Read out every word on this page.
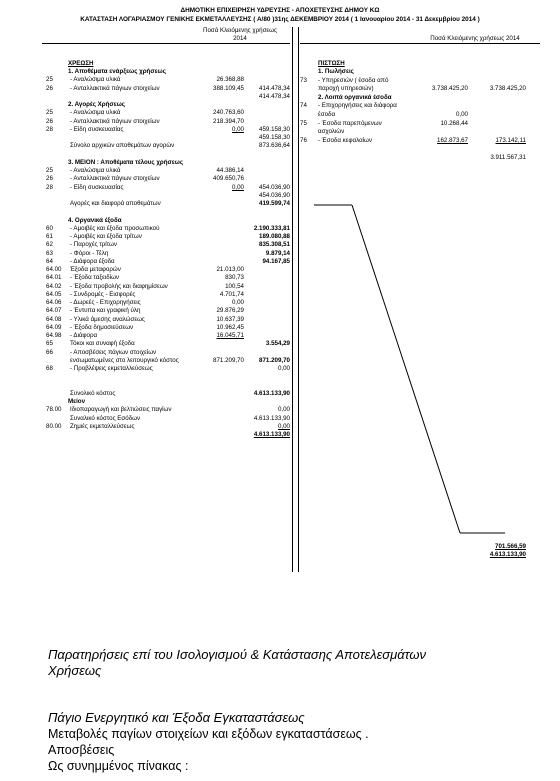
ΔΗΜΟΤΙΚΗ ΕΠΙΧΕΙΡΗΣΗ ΥΔΡΕΥΣΗΣ - ΑΠΟΧΕΤΕΥΣΗΣ ΔΗΜΟΥ ΚΩ
ΚΑΤΑΣΤΑΣΗ ΛΟΓΑΡΙΑΣΜΟΥ ΓΕΝΙΚΗΣ ΕΚΜΕΤΑΛΛΕΥΣΗΣ ( Α/80 )31ης ΔΕΚΕΜΒΡΙΟΥ 2014 ( 1 Ιανουαρίου 2014 - 31 Δεκεμβρίου 2014 )
Ποσά Κλειόμενης χρήσεως
2014	Ποσά Κλειόμενης χρήσεως 2014
ΧΡΕΩΣΗ	ΠΙΣΤΩΣΗ
1. Αποθέματα ενάρξεως χρήσεως
25	- Αναλώσιμα υλικά	26.368,88
26	- Ανταλλακτικά πάγιων στοιχείων	388.109,45 414.478,34
414.478,34
2. Αγορές Χρήσεως
25	- Αναλώσιμα υλικά	240.763,60
26	- Ανταλλακτικά πάγιων στοιχείων	218.394,70
28	- Είδη συσκευασίας	0,00 459.158,30
459.158,30
Σύνολο αρχικών αποθεμάτων αγορών	873.636,64
3. ΜΕΙΟΝ : Αποθέματα τέλους χρήσεως
25	- Αναλώσιμα υλικά	44.386,14
26	- Ανταλλακτικά πάγιων στοιχείων	409.650,76
28	- Είδη συσκευασίας	0,00 454.036,90
454.036,90
Αγορές και διαφορά αποθεμάτων	419.599,74
4. Οργανικά έξοδα
60	- Αμοιβές και έξοδα προσωπικού	2.190.333,81
61	- Αμοιβές και έξοδα τρίτων	189.080,88
62	- Παροχές τρίτων	835.308,51
63	- Φόροι - Τέλη	9.879,14
64	- Διάφορα έξοδα	94.167,85
64.00 Έξοδα μεταφορών	21.013,00
64.01 - Έξοδα ταξειδίων	830,73
64.02 - Έξοδα προβολής και διαφημίσεων	100,54
64.05 - Συνδρομές - Εισφορές	4.701,74
64.06 - Δωρεές - Επιχορηγήσεις	0,00
64.07 - Έντυπα και γραφική ύλη	29.876,29
64.08 - Υλικά άμεσης αναλώσεως	10.637,39
64.09 - Έξοδα δημοσιεύσεων	10.962,45
64.98 - Διάφορα	16.045,71
65	Τόκοι και συναφή έξοδα	3.554,29
66	- Αποσβέσεις πάγιων στοιχείων
ενσωματωμένες στο λειτουργικό κόστος	871.209,70 871.209,70
68	- Προβλέψεις εκμεταλλεύσεως	0,00
Συνολικό κόστος	4.613.133,90
Μείον
78.00 Ιδιοπαραγωγή και βελτιώσεις παγίων	0,00
Συναλικό κόστος Εσόδων	4.613.133,90
80.00 Ζημιές εκμεταλλεύσεως	0,00
4.613.133,90
1. Πωλήσεις
73 - Υπηρεσιών ( έσοδα από
παροχή υπηρεσιών)	3.738.425,20	3.738.425,20
2. Λοιπά οργανικά έσοδα
74 - Επιχορηγήσεις και διάφορα
έσοδα	0,00
75 - Έσοδα παρεπόμενων	10.268,44
ασχολιών
76 - Έσοδα κεφαλαίων	162.873,67	173.142,11
3.911.567,31
701.566,59
4.613.133,90
Παρατηρήσεις επί του Ισολογισμού & Κατάστασης Αποτελεσμάτων
Χρήσεως
Πάγιο Ενεργητικό και Έξοδα Εγκαταστάσεως
Μεταβολές παγίων στοιχείων και εξόδων εγκαταστάσεως .
Αποσβέσεις
Ως συνημμένος πίνακας :
